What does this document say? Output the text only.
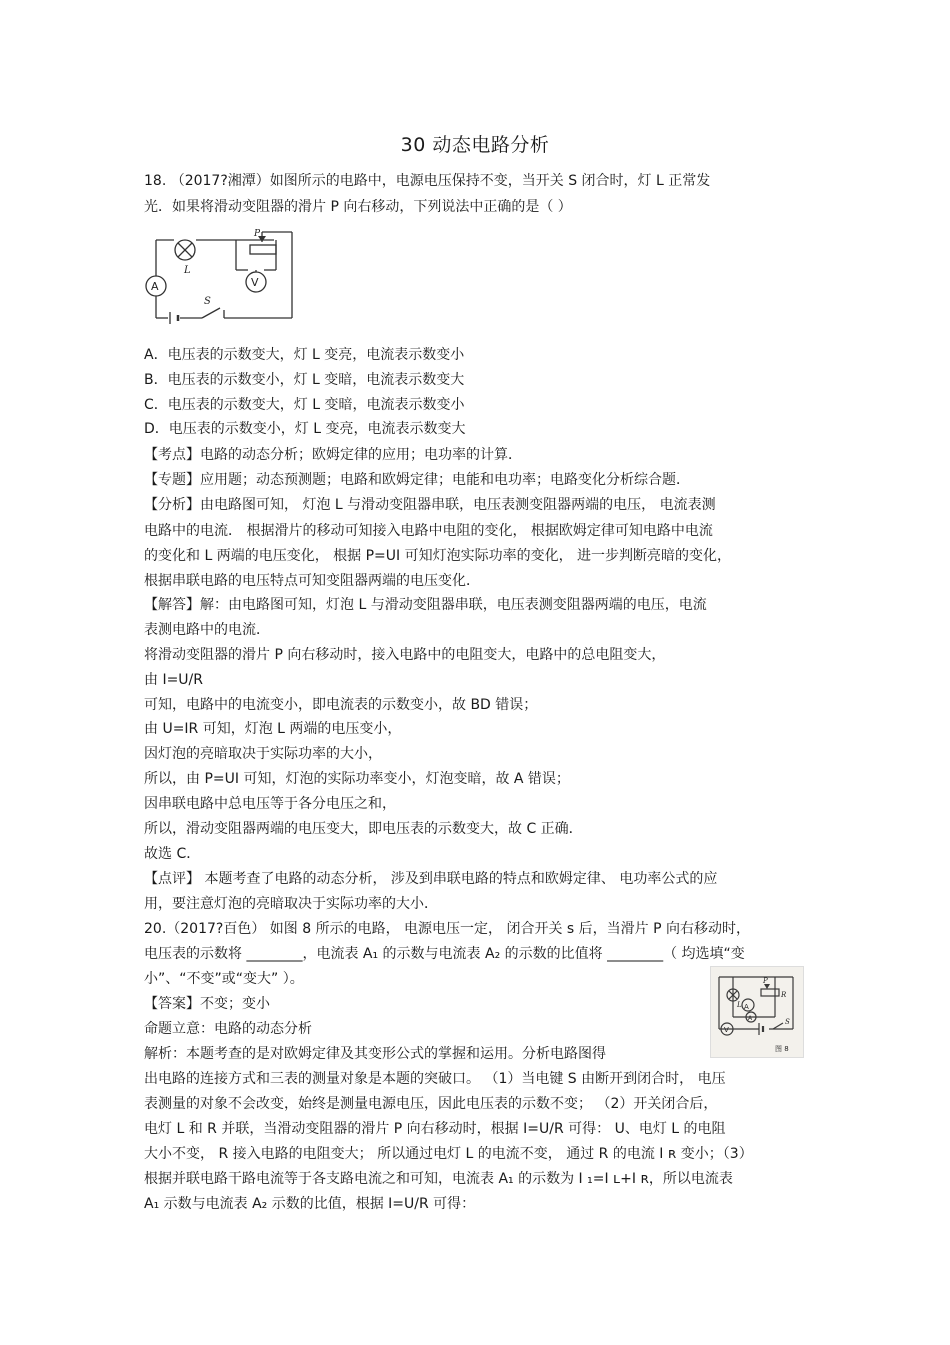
30 动态电路分析
18. （2017?湘潭）如图所示的电路中，电源电压保持不变，当开关 S 闭合时，灯 L 正常发
光．如果将滑动变阻器的滑片 P 向右移动，下列说法中正确的是（ ）
A	V
L
S
P
A．电压表的示数变大，灯 L 变亮，电流表示数变小
B．电压表的示数变小，灯 L 变暗，电流表示数变大
C．电压表的示数变大，灯 L 变暗，电流表示数变小
D．电压表的示数变小，灯 L 变亮，电流表示数变大
【考点】电路的动态分析；欧姆定律的应用；电功率的计算．
【专题】应用题；动态预测题；电路和欧姆定律；电能和电功率；电路变化分析综合题．
【分析】由电路图可知， 灯泡 L 与滑动变阻器串联，电压表测变阻器两端的电压， 电流表测
电路中的电流． 根据滑片的移动可知接入电路中电阻的变化， 根据欧姆定律可知电路中电流
的变化和 L 两端的电压变化， 根据 P=UI 可知灯泡实际功率的变化， 进一步判断亮暗的变化，
根据串联电路的电压特点可知变阻器两端的电压变化．
【解答】解：由电路图可知，灯泡 L 与滑动变阻器串联，电压表测变阻器两端的电压，电流
表测电路中的电流．
将滑动变阻器的滑片 P 向右移动时，接入电路中的电阻变大，电路中的总电阻变大，
由 I=U/R
可知，电路中的电流变小，即电流表的示数变小，故 BD 错误；
由 U=IR 可知，灯泡 L 两端的电压变小，
因灯泡的亮暗取决于实际功率的大小，
所以，由 P=UI 可知，灯泡的实际功率变小，灯泡变暗，故 A 错误；
因串联电路中总电压等于各分电压之和，
所以，滑动变阻器两端的电压变大，即电压表的示数变大，故 C 正确．
故选 C．
【点评】 本题考查了电路的动态分析， 涉及到串联电路的特点和欧姆定律、 电功率公式的应
用，要注意灯泡的亮暗取决于实际功率的大小．
20.（2017?百色） 如图 8 所示的电路， 电源电压一定， 闭合开关 s 后，当滑片 P 向右移动时，
电压表的示数将 ________，电流表 A₁ 的示数与电流表 A₂ 的示数的比值将 ________（ 均选填“变
小”、“不变”或“变大” ）。
A
A
V
L
R
P
S
图 8
【答案】不变；变小
命题立意：电路的动态分析
解析：本题考查的是对欧姆定律及其变形公式的掌握和运用。分析电路图得
出电路的连接方式和三表的测量对象是本题的突破口。 （1）当电键 S 由断开到闭合时， 电压
表测量的对象不会改变，始终是测量电源电压，因此电压表的示数不变； （2）开关闭合后，
电灯 L 和 R 并联，当滑动变阻器的滑片 P 向右移动时，根据 I=U/R 可得： U、电灯 L 的电阻
大小不变， R 接入电路的电阻变大； 所以通过电灯 L 的电流不变， 通过 R 的电流 I ʀ 变小；（3）
根据并联电路干路电流等于各支路电流之和可知，电流表 A₁ 的示数为 I ₁=I ʟ+I ʀ，所以电流表
A₁ 示数与电流表 A₂ 示数的比值，根据 I=U/R 可得：
